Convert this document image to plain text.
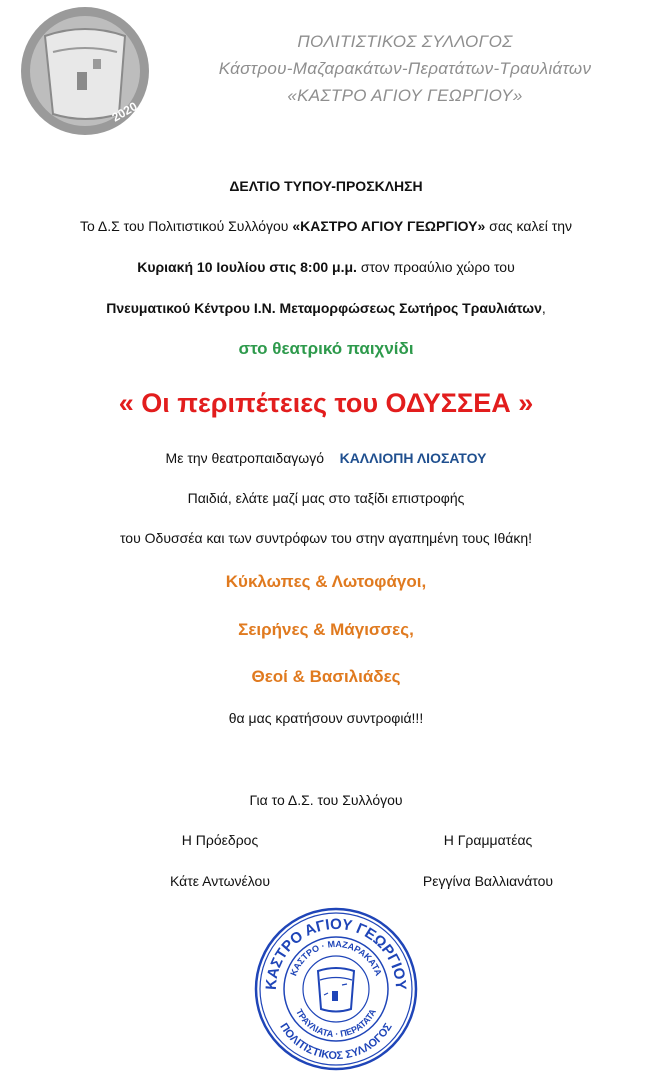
2020
ΠΟΛΙΤΙΣΤΙΚΟΣ ΣΥΛΛΟΓΟΣ
Κάστρου-Μαζαρακάτων-Περατάτων-Τραυλιάτων
«ΚΑΣΤΡΟ ΑΓΙΟΥ ΓΕΩΡΓΙΟΥ»
ΔΕΛΤΙΟ ΤΥΠΟΥ-ΠΡΟΣΚΛΗΣΗ
Το Δ.Σ του Πολιτιστικού Συλλόγου «ΚΑΣΤΡΟ ΑΓΙΟΥ ΓΕΩΡΓΙΟΥ» σας καλεί την
Κυριακή 10 Ιουλίου στις 8:00 μ.μ. στον προαύλιο χώρο του
Πνευματικού Κέντρου Ι.Ν. Μεταμορφώσεως Σωτήρος Τραυλιάτων,
στο θεατρικό παιχνίδι
« Οι περιπέτειες του ΟΔΥΣΣΕΑ »
Με την θεατροπαιδαγωγό ΚΑΛΛΙΟΠΗ ΛΙΟΣΑΤΟΥ
Παιδιά, ελάτε μαζί μας στο ταξίδι επιστροφής
του Οδυσσέα και των συντρόφων του στην αγαπημένη τους Ιθάκη!
Κύκλωπες & Λωτοφάγοι,
Σειρήνες & Μάγισσες,
Θεοί & Βασιλιάδες
θα μας κρατήσουν συντροφιά!!!
Για το Δ.Σ. του Συλλόγου
Η Πρόεδρος	Η Γραμματέας
Κάτε Αντωνέλου	Ρεγγίνα Βαλλιανάτου
ΚΑΣΤΡΟ ΑΓΙΟΥ ΓΕΩΡΓΙΟΥ
ΠΟΛΙΤΙΣΤΙΚΟΣ ΣΥΛΛΟΓΟΣ
ΚΑΣΤΡΟ · ΜΑΖΑΡΑΚΑΤΑ
ΤΡΑΥΛΙΑΤΑ · ΠΕΡΑΤΑΤΑ
